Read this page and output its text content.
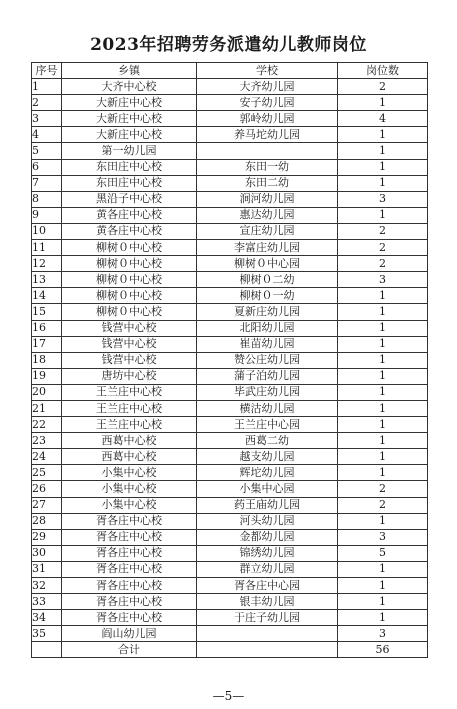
2023年招聘劳务派遣幼儿教师岗位
序号	乡镇	学校	岗位数
1	大齐中心校	大齐幼儿园	2
2	大新庄中心校	安子幼儿园	1
3	大新庄中心校	郭岭幼儿园	4
4	大新庄中心校	养马坨幼儿园	1
5	第一幼儿园		1
6	东田庄中心校	东田一幼	1
7	东田庄中心校	东田二幼	1
8	黑沿子中心校	涧河幼儿园	3
9	黄各庄中心校	惠达幼儿园	1
10	黄各庄中心校	宣庄幼儿园	2
11	柳树０中心校	李富庄幼儿园	2
12	柳树０中心校	柳树０中心园	2
13	柳树０中心校	柳树０二幼	3
14	柳树０中心校	柳树０一幼	1
15	柳树０中心校	夏新庄幼儿园	1
16	钱营中心校	北阳幼儿园	1
17	钱营中心校	崔苗幼儿园	1
18	钱营中心校	赞公庄幼儿园	1
19	唐坊中心校	蒲子泊幼儿园	1
20	王兰庄中心校	毕武庄幼儿园	1
21	王兰庄中心校	横沽幼儿园	1
22	王兰庄中心校	王兰庄中心园	1
23	西葛中心校	西葛二幼	1
24	西葛中心校	越支幼儿园	1
25	小集中心校	辉坨幼儿园	1
26	小集中心校	小集中心园	2
27	小集中心校	药王庙幼儿园	2
28	胥各庄中心校	河头幼儿园	1
29	胥各庄中心校	金都幼儿园	3
30	胥各庄中心校	锦绣幼儿园	5
31	胥各庄中心校	群立幼儿园	1
32	胥各庄中心校	胥各庄中心园	1
33	胥各庄中心校	银丰幼儿园	1
34	胥各庄中心校	于庄子幼儿园	1
35	阎山幼儿园		3
	合计		56
—5—
